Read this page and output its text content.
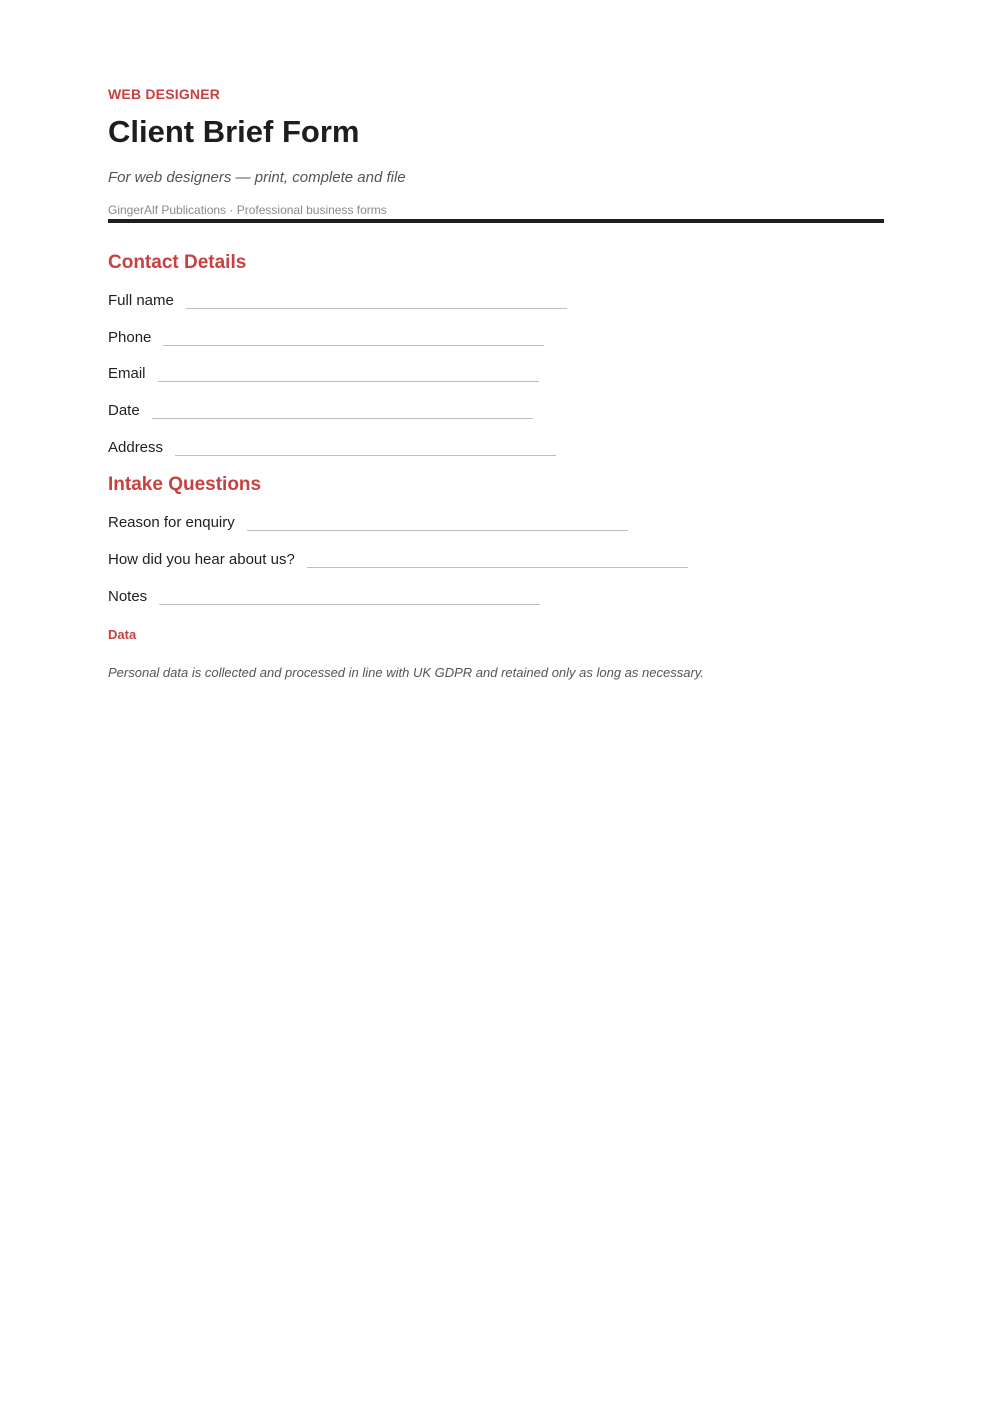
WEB DESIGNER
Client Brief Form
For web designers — print, complete and file
GingerAlf Publications · Professional business forms
Contact Details
Full name
Phone
Email
Date
Address
Intake Questions
Reason for enquiry
How did you hear about us?
Notes
Data
Personal data is collected and processed in line with UK GDPR and retained only as long as necessary.
